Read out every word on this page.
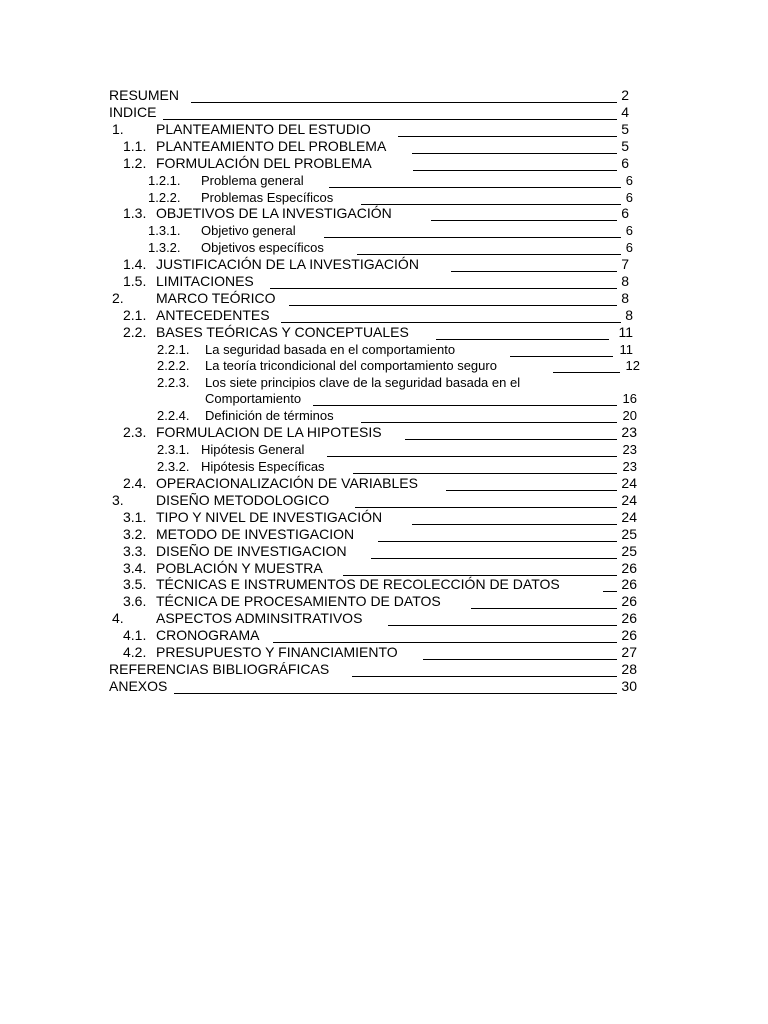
RESUMEN	2
INDICE	4
1. PLANTEAMIENTO DEL ESTUDIO	5
1.1. PLANTEAMIENTO DEL PROBLEMA	5
1.2. FORMULACIÓN DEL PROBLEMA	6
1.2.1. Problema general	6
1.2.2. Problemas Específicos	6
1.3. OBJETIVOS DE LA INVESTIGACIÓN	6
1.3.1. Objetivo general	6
1.3.2. Objetivos específicos	6
1.4. JUSTIFICACIÓN DE LA INVESTIGACIÓN	7
1.5. LIMITACIONES	8
2. MARCO TEÓRICO	8
2.1. ANTECEDENTES	8
2.2. BASES TEÓRICAS Y CONCEPTUALES	11
2.2.1. La seguridad basada en el comportamiento	11
2.2.2. La teoría tricondicional del comportamiento seguro	12
2.2.3. Los siete principios clave de la seguridad basada en el
Comportamiento	16
2.2.4. Definición de términos	20
2.3. FORMULACION DE LA HIPOTESIS	23
2.3.1. Hipótesis General	23
2.3.2. Hipótesis Específicas	23
2.4. OPERACIONALIZACIÓN DE VARIABLES	24
3. DISEÑO METODOLOGICO	24
3.1. TIPO Y NIVEL DE INVESTIGACIÓN	24
3.2. METODO DE INVESTIGACION	25
3.3. DISEÑO DE INVESTIGACION	25
3.4. POBLACIÓN Y MUESTRA	26
3.5. TÉCNICAS E INSTRUMENTOS DE RECOLECCIÓN DE DATOS	26
3.6. TÉCNICA DE PROCESAMIENTO DE DATOS	26
4. ASPECTOS ADMINSITRATIVOS	26
4.1. CRONOGRAMA	26
4.2. PRESUPUESTO Y FINANCIAMIENTO	27
REFERENCIAS BIBLIOGRÁFICAS	28
ANEXOS	30
